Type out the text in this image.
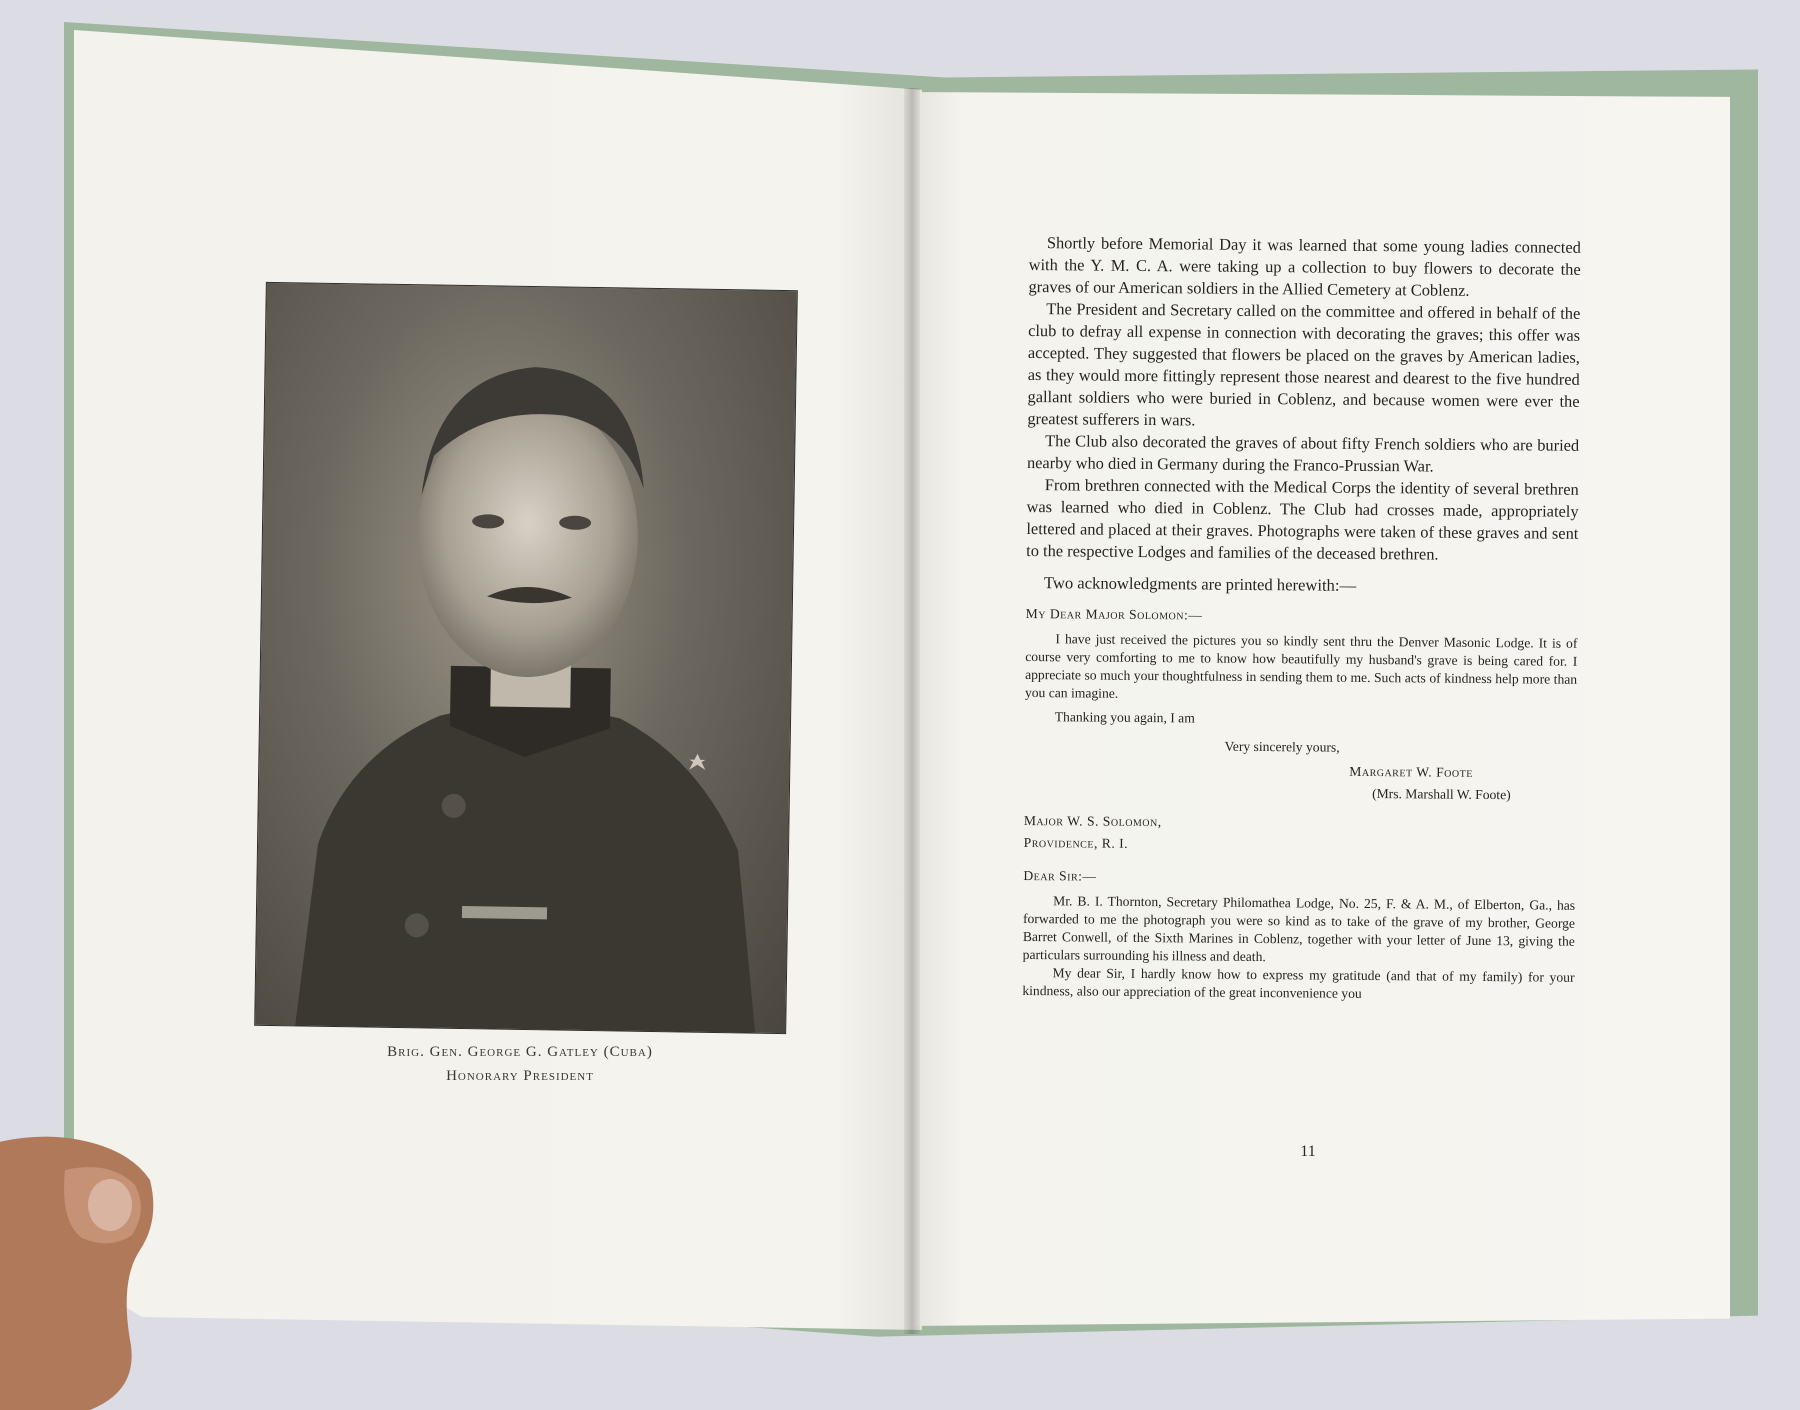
Brig. Gen. George G. Gatley (Cuba)
Honorary President

Shortly before Memorial Day it was learned that some young ladies connected with the Y. M. C. A. were taking up a collection to buy flowers to decorate the graves of our American soldiers in the Allied Cemetery at Coblenz.

The President and Secretary called on the committee and offered in behalf of the club to defray all expense in connection with decorating the graves; this offer was accepted. They suggested that flowers be placed on the graves by American ladies, as they would more fittingly represent those nearest and dearest to the five hundred gallant soldiers who were buried in Coblenz, and because women were ever the greatest sufferers in wars.

The Club also decorated the graves of about fifty French soldiers who are buried nearby who died in Germany during the Franco-Prussian War.

From brethren connected with the Medical Corps the identity of several brethren was learned who died in Coblenz. The Club had crosses made, appropriately lettered and placed at their graves. Photographs were taken of these graves and sent to the respective Lodges and families of the deceased brethren.

Two acknowledgments are printed herewith:—
My Dear Major Solomon:—

I have just received the pictures you so kindly sent thru the Denver Masonic Lodge. It is of course very comforting to me to know how beautifully my husband's grave is being cared for. I appreciate so much your thoughtfulness in sending them to me. Such acts of kindness help more than you can imagine.

Thanking you again, I am
Very sincerely yours,
Margaret W. Foote
(Mrs. Marshall W. Foote)
Major W. S. Solomon,
Providence, R. I.
Dear Sir:—

Mr. B. I. Thornton, Secretary Philomathea Lodge, No. 25, F. & A. M., of Elberton, Ga., has forwarded to me the photograph you were so kind as to take of the grave of my brother, George Barret Conwell, of the Sixth Marines in Coblenz, together with your letter of June 13, giving the particulars surrounding his illness and death.

My dear Sir, I hardly know how to express my gratitude (and that of my family) for your kindness, also our appreciation of the great inconvenience you

11
